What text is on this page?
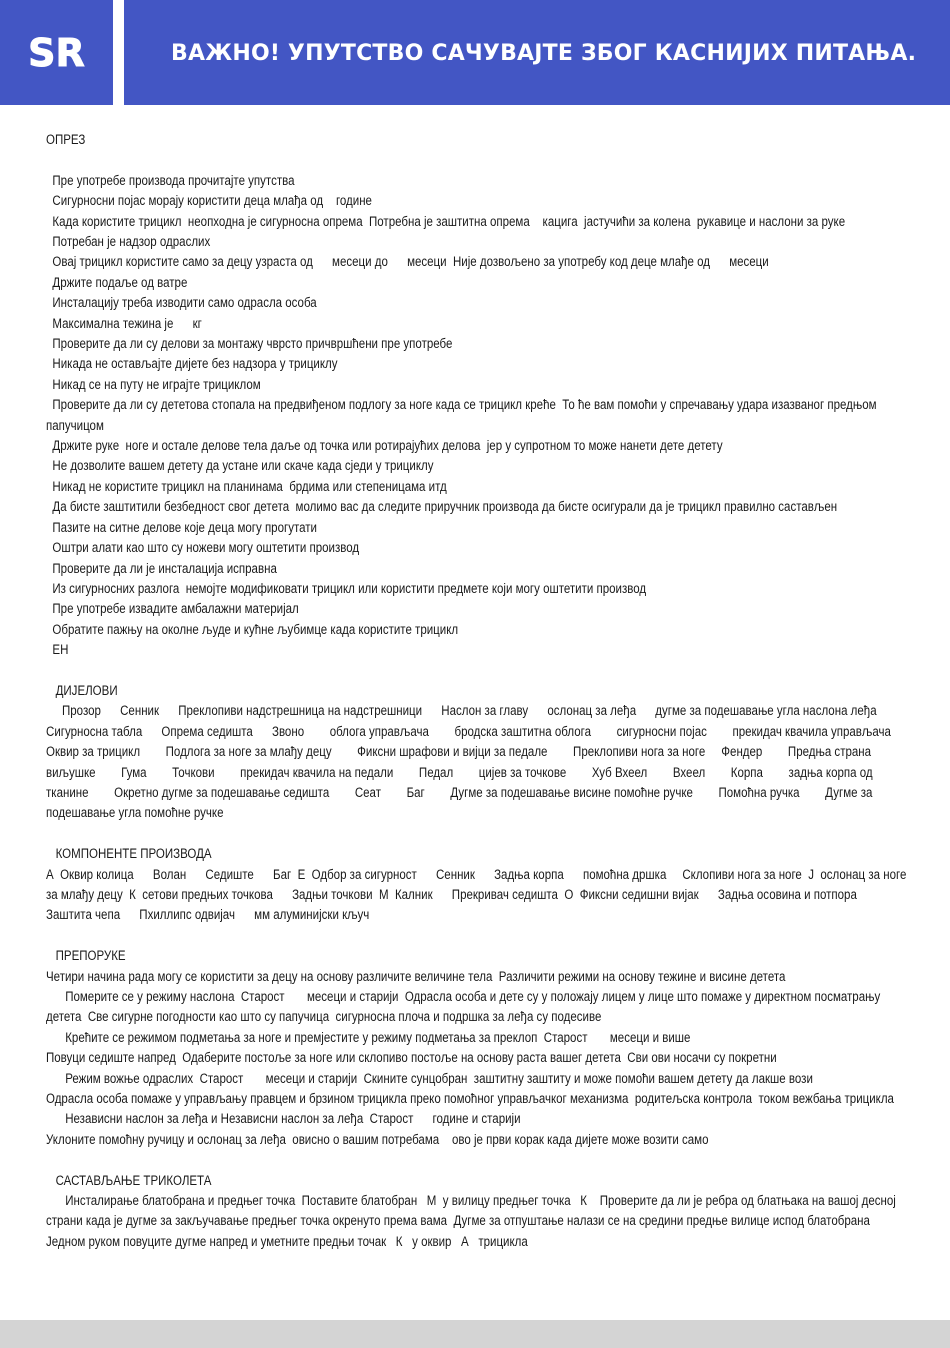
SR	ВАЖНО! УПУТСТВО САЧУВАЈТЕ ЗБОГ КАСНИЈИХ ПИТАЊА.

ОПРЕЗ

Пре употребе производа прочитајте упутства

Сигурносни појас морају користити деца млађа од    године

Када користите трицикл  неопходна је сигурносна опрема  Потребна је заштитна опрема    кацига  јастучићи за колена  рукавице и наслони за руке

Потребан је надзор одраслих

Овај трицикл користите само за децу узраста од      месеци до      месеци  Није дозвољено за употребу код деце млађе од      месеци

Држите подаље од ватре

Инсталацију треба изводити само одрасла особа

Максимална тежина је      кг

Проверите да ли су делови за монтажу чврсто причвршћени пре употребе

Никада не остављајте дијете без надзора у трициклу

Никад се на путу не играјте трициклом

Проверите да ли су дететова стопала на предвиђеном подлогу за ноге када се трицикл креће  То ће вам помоћи у спречавању удара изазваног предњом папучицом

Држите руке  ноге и остале делове тела даље од точка или ротирајућих делова  јер у супротном то може нанети дете детету

Не дозволите вашем детету да устане или скаче када сједи у трициклу

Никад не користите трицикл на планинама  брдима или степеницама итд

Да бисте заштитили безбедност свог детета  молимо вас да следите приручник производа да бисте осигурали да је трицикл правилно састављен

Пазите на ситне делове које деца могу прогутати

Оштри алати као што су ножеви могу оштетити производ

Проверите да ли је инсталација исправна

Из сигурносних разлога  немојте модификовати трицикл или користити предмете који могу оштетити производ

Пре употребе извадите амбалажни материјал

Обратите пажњу на околне људе и кућне љубимце када користите трицикл

ЕН

ДИЈЕЛОВИ

Прозор      Сенник      Преклопиви надстрешница на надстрешници      Наслон за главу      ослонац за леђа      дугме за подешавање угла наслона леђа     Сигурносна табла      Опрема седишта      Звоно        облога управљача        бродска заштитна облога        сигурносни појас        прекидач квачила управљача        Оквир за трицикл        Подлога за ноге за млађу децу        Фиксни шрафови и вијци за педале        Преклопиви нога за ноге     Фендер        Предња страна виљушке        Гума        Точкови        прекидач квачила на педали        Педал        цијев за точкове        Хуб Вхеел        Вхеел        Корпа        задња корпа од тканине        Окретно дугме за подешавање седишта        Сеат        Баг        Дугме за подешавање висине помоћне ручке        Помоћна ручка        Дугме за подешавање угла помоћне ручке

КОМПОНЕНТЕ ПРОИЗВОДА

А  Оквир колица      Волан      Седиште      Баг  Е  Одбор за сигурност      Сенник      Задња корпа      помоћна дршка     Склопиви нога за ноге  Ј  ослонац за ноге за млађу децу  К  сетови предњих точкова      Задњи точкови  М  Калник      Прекривач седишта  О  Фиксни седишни вијак      Задња осовина и потпора      Заштита чепа      Пхиллипс одвијач      мм алуминијски кључ

ПРЕПОРУКЕ

Четири начина рада могу се користити за децу на основу различите величине тела  Различити режими на основу тежине и висине детета

Померите се у режиму наслона  Старост       месеци и старији  Одрасла особа и дете су у положају лицем у лице што помаже у директном посматрању детета  Све сигурне погодности као што су папучица  сигурносна плоча и подршка за леђа су подесиве

Крећите се режимом подметања за ноге и премјестите у режиму подметања за преклоп  Старост       месеци и више

Повуци седиште напред  Одаберите постоље за ноге или склопиво постоље на основу раста вашег детета  Сви ови носачи су покретни

Режим вожње одраслих  Старост       месеци и старији  Скините сунцобран  заштитну заштиту и може помоћи вашем детету да лакше вози

Одрасла особа помаже у управљању правцем и брзином трицикла преко помоћног управљачког механизма  родитељска контрола  током вежбања трицикла

Независни наслон за леђа и Независни наслон за леђа  Старост      године и старији

Уклоните помоћну ручицу и ослонац за леђа  овисно о вашим потребама    ово је први корак када дијете може возити само

САСТАВЉАЊЕ ТРИКОЛЕТА

Инсталирање блатобрана и предњег точка  Поставите блатобран   М  у вилицу предњег точка   К    Проверите да ли је ребра од блатњака на вашој десној страни када је дугме за закључавање предњег точка окренуто према вама  Дугме за отпуштање налази се на средини предње вилице испод блатобрана  Једном руком повуците дугме напред и уметните предњи точак   К   у оквир   А   трицикла
